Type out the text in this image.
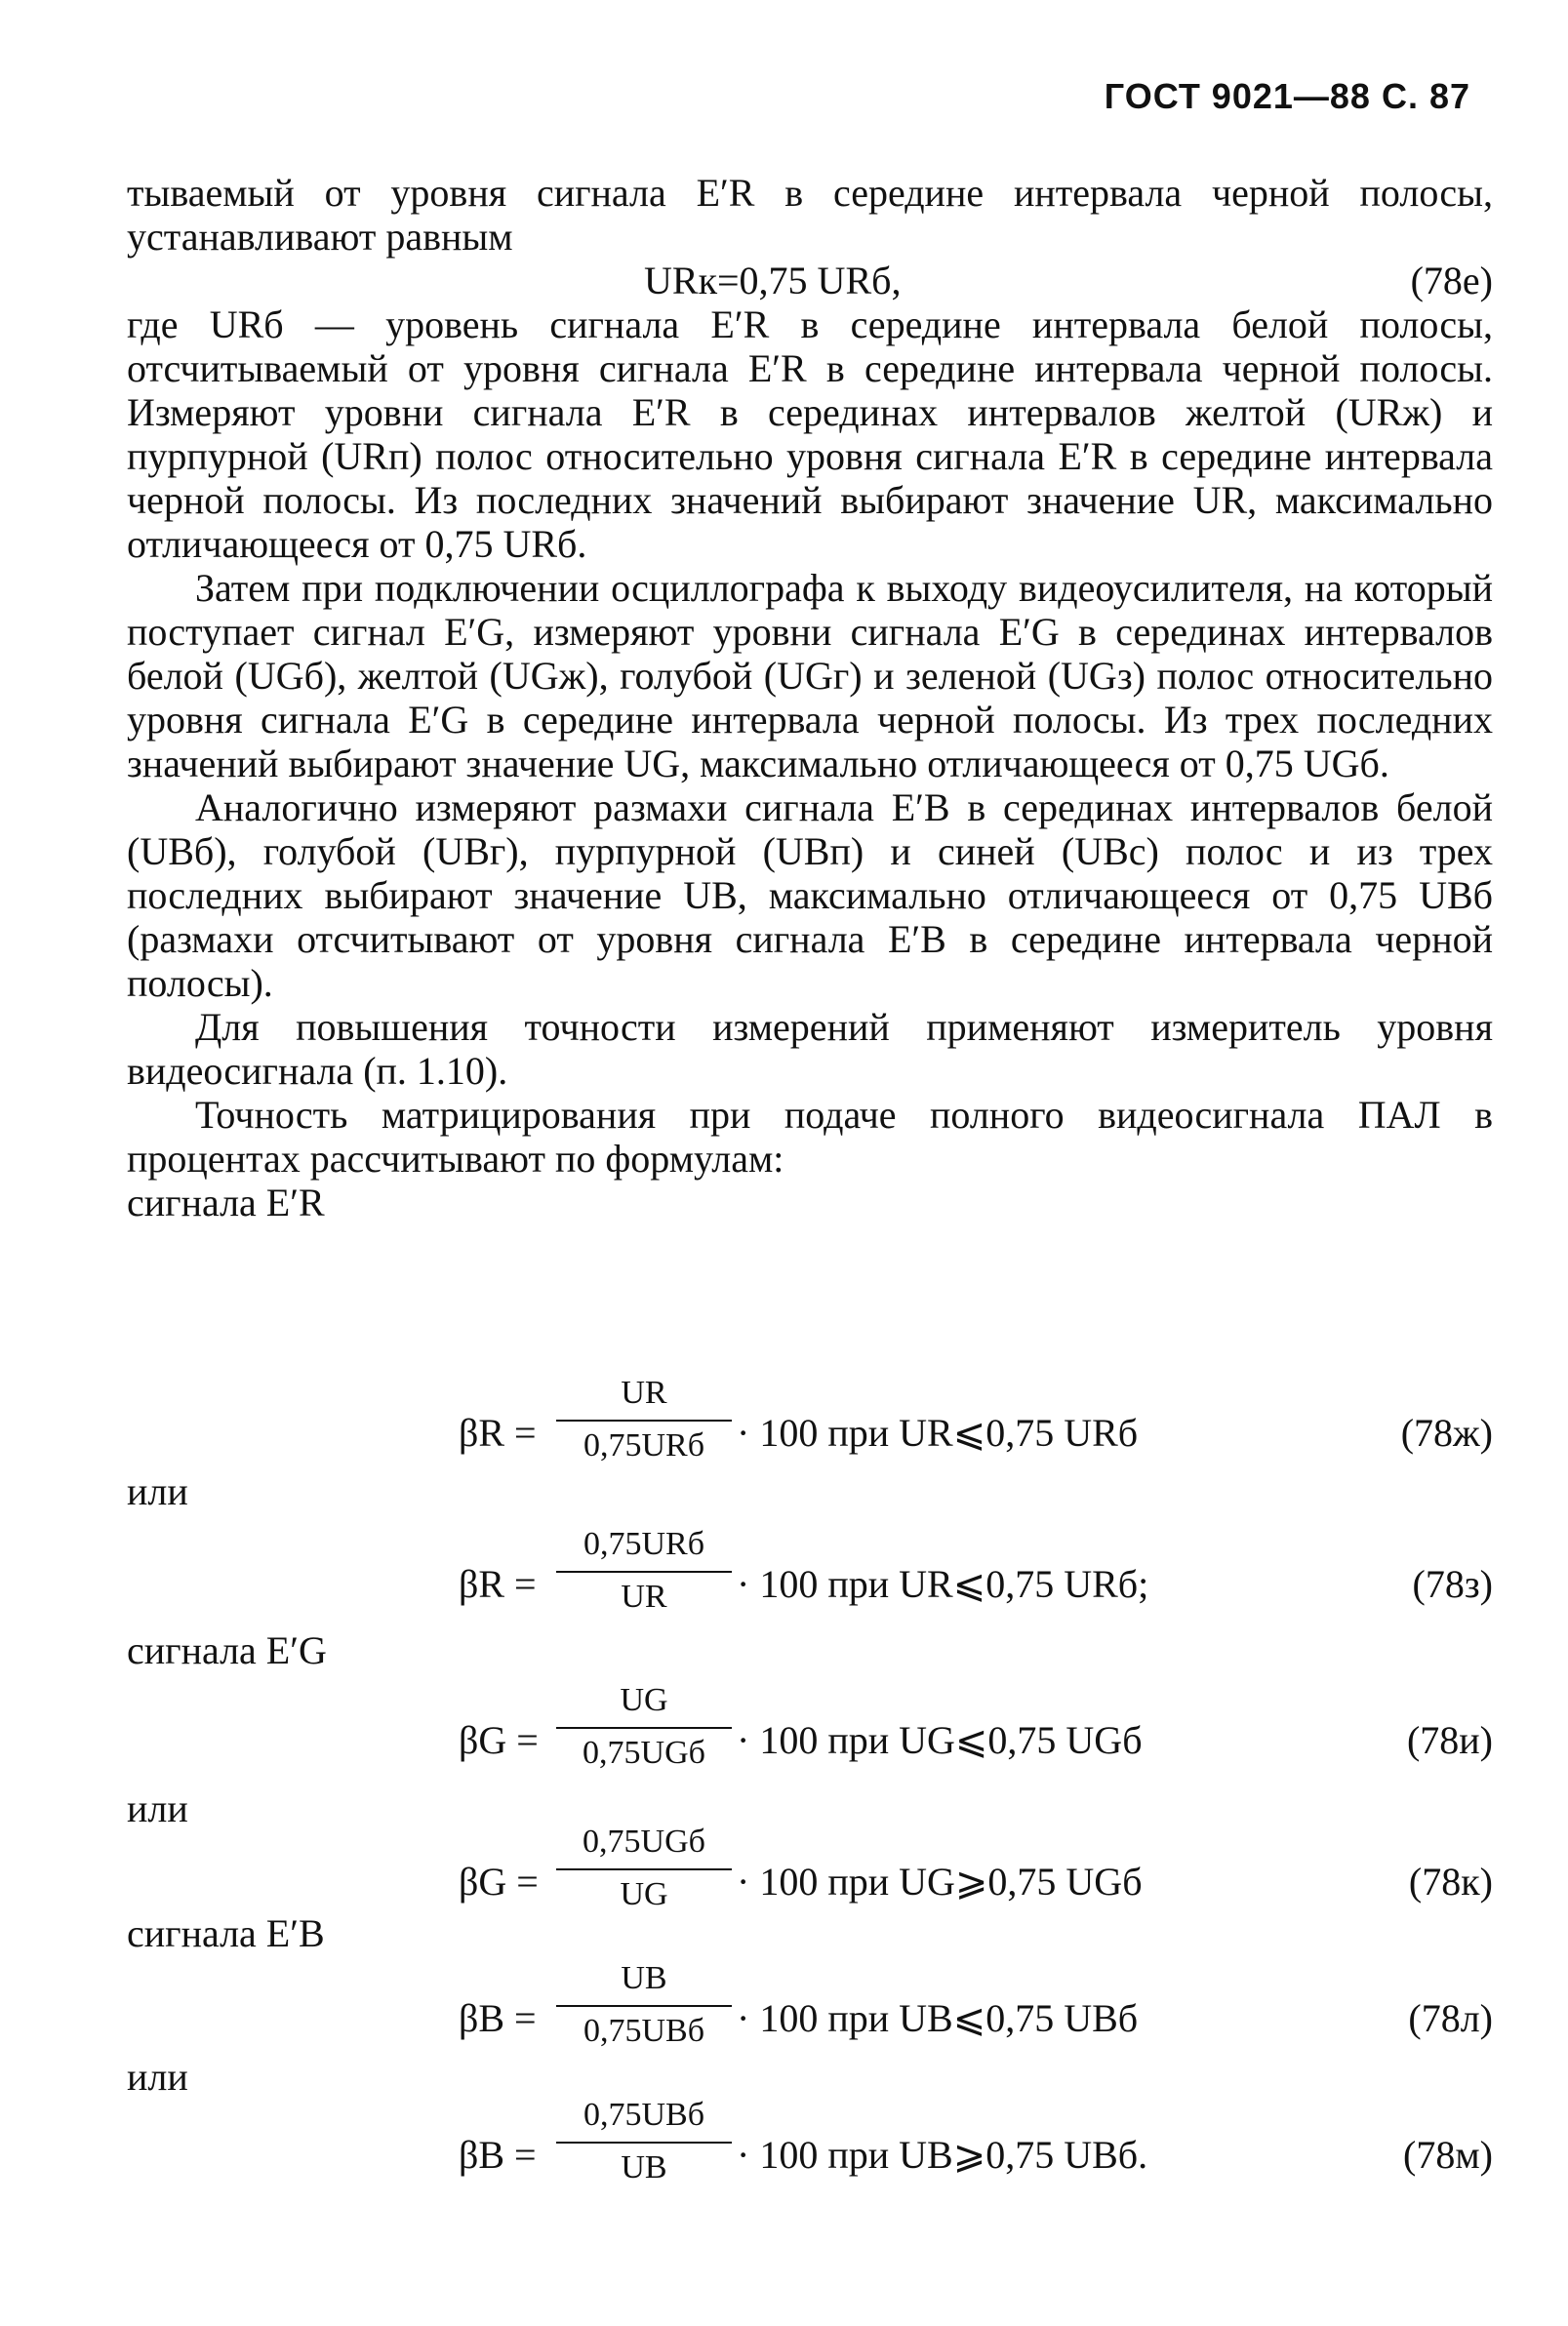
ГОСТ 9021—88 С. 87

тываемый от уровня сигнала E′R в середине интервала черной полосы, устанавливают равным

URк=0,75 URб,	(78е)

где URб — уровень сигнала E′R в середине интервала белой полосы, отсчитываемый от уровня сигнала E′R в середине интервала черной полосы. Измеряют уровни сигнала E′R в серединах интервалов желтой (URж) и пурпурной (URп) полос относительно уровня сигнала E′R в середине интервала черной полосы. Из последних значений выбирают значение UR, максимально отличающееся от 0,75 URб.

Затем при подключении осциллографа к выходу видеоусилителя, на который поступает сигнал E′G, измеряют уровни сигнала E′G в серединах интервалов белой (UGб), желтой (UGж), голубой (UGг) и зеленой (UGз) полос относительно уровня сигнала E′G в середине интервала черной полосы. Из трех последних значений выбирают значение UG, максимально отличающееся от 0,75 UGб.

Аналогично измеряют размахи сигнала E′B в серединах интервалов белой (UBб), голубой (UBг), пурпурной (UBп) и синей (UBс) полос и из трех последних выбирают значение UB, максимально отличающееся от 0,75 UBб (размахи отсчитывают от уровня сигнала E′B в середине интервала черной полосы).

Для повышения точности измерений применяют измеритель уровня видеосигнала (п. 1.10).

Точность матрицирования при подаче полного видеосигнала ПАЛ в процентах рассчитывают по формулам:

сигнала E′R

βR =
UR
0,75URб · 100 при UR⩽0,75 URб	(78ж)
или
βR =
0,75URб
UR	· 100 при UR⩽0,75 URб;	(78з)
сигнала E′G
βG =
UG
0,75UGб · 100 при UG⩽0,75 UGб	(78и)
или
βG =
0,75UGб
UG	· 100 при UG⩾0,75 UGб	(78к)
сигнала E′B
βB =
UB
0,75UBб · 100 при UB⩽0,75 UBб	(78л)
или
βB =
0,75UBб
UB	· 100 при UB⩾0,75 UBб.	(78м)
